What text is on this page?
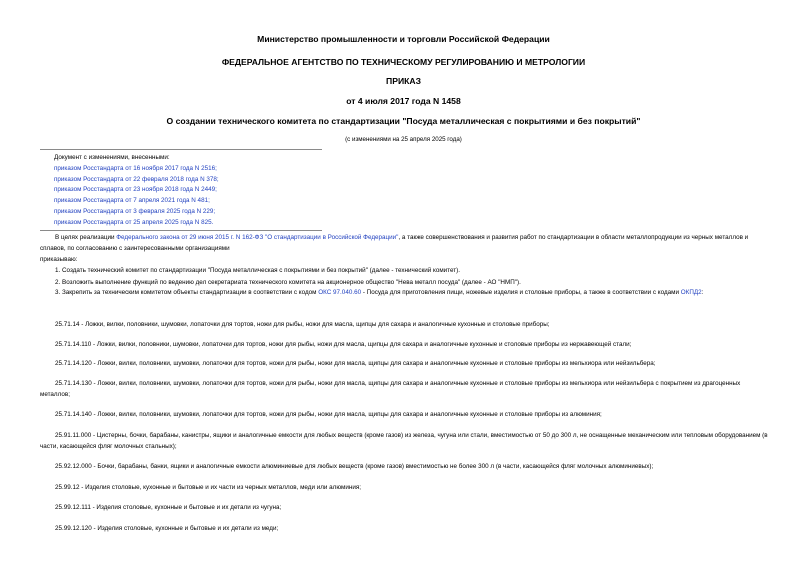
Министерство промышленности и торговли Российской Федерации
ФЕДЕРАЛЬНОЕ АГЕНТСТВО ПО ТЕХНИЧЕСКОМУ РЕГУЛИРОВАНИЮ И МЕТРОЛОГИИ
ПРИКАЗ
от 4 июля 2017 года N 1458
О создании технического комитета по стандартизации "Посуда металлическая с покрытиями и без покрытий"
(с изменениями на 25 апреля 2025 года)
Документ с изменениями, внесенными:
приказом Росстандарта от 16 ноября 2017 года N 2516;
приказом Росстандарта от 22 февраля 2018 года N 378;
приказом Росстандарта от 23 ноября 2018 года N 2449;
приказом Росстандарта от 7 апреля 2021 года N 481;
приказом Росстандарта от 3 февраля 2025 года N 229;
приказом Росстандарта от 25 апреля 2025 года N 825.
В целях реализации Федерального закона от 29 июня 2015 г. N 162-ФЗ "О стандартизации в Российской Федерации", а также совершенствования и развития работ по стандартизации в области металлопродукции из черных металлов и сплавов, по согласованию с заинтересованными организациями
приказываю:
1. Создать технический комитет по стандартизации "Посуда металлическая с покрытиями и без покрытий" (далее - технический комитет).
2. Возложить выполнение функций по ведению дел секретариата технического комитета на акционерное общество "Нева металл посуда" (далее - АО "НМП").
3. Закрепить за техническим комитетом объекты стандартизации в соответствии с кодом ОКС 97.040.60 - Посуда для приготовления пищи, ножевые изделия и столовые приборы, а также в соответствии с кодами ОКПД2:
25.71.14 - Ложки, вилки, половники, шумовки, лопаточки для тортов, ножи для рыбы, ножи для масла, щипцы для сахара и аналогичные кухонные и столовые приборы;
25.71.14.110 - Ложки, вилки, половники, шумовки, лопаточки для тортов, ножи для рыбы, ножи для масла, щипцы для сахара и аналогичные кухонные и столовые приборы из нержавеющей стали;
25.71.14.120 - Ложки, вилки, половники, шумовки, лопаточки для тортов, ножи для рыбы, ножи для масла, щипцы для сахара и аналогичные кухонные и столовые приборы из мельхиора или нейзильбера;
25.71.14.130 - Ложки, вилки, половники, шумовки, лопаточки для тортов, ножи для рыбы, ножи для масла, щипцы для сахара и аналогичные кухонные и столовые приборы из мельхиора или нейзильбера с покрытием из драгоценных металлов;
25.71.14.140 - Ложки, вилки, половники, шумовки, лопаточки для тортов, ножи для рыбы, ножи для масла, щипцы для сахара и аналогичные кухонные и столовые приборы из алюминия;
25.91.11.000 - Цистерны, бочки, барабаны, канистры, ящики и аналогичные емкости для любых веществ (кроме газов) из железа, чугуна или стали, вместимостью от 50 до 300 л, не оснащенные механическим или тепловым оборудованием (в части, касающейся фляг молочных стальных);
25.92.12.000 - Бочки, барабаны, банки, ящики и аналогичные емкости алюминиевые для любых веществ (кроме газов) вместимостью не более 300 л (в части, касающейся фляг молочных алюминиевых);
25.99.12 - Изделия столовые, кухонные и бытовые и их части из черных металлов, меди или алюминия;
25.99.12.111 - Изделия столовые, кухонные и бытовые и их детали из чугуна;
25.99.12.120 - Изделия столовые, кухонные и бытовые и их детали из меди;
